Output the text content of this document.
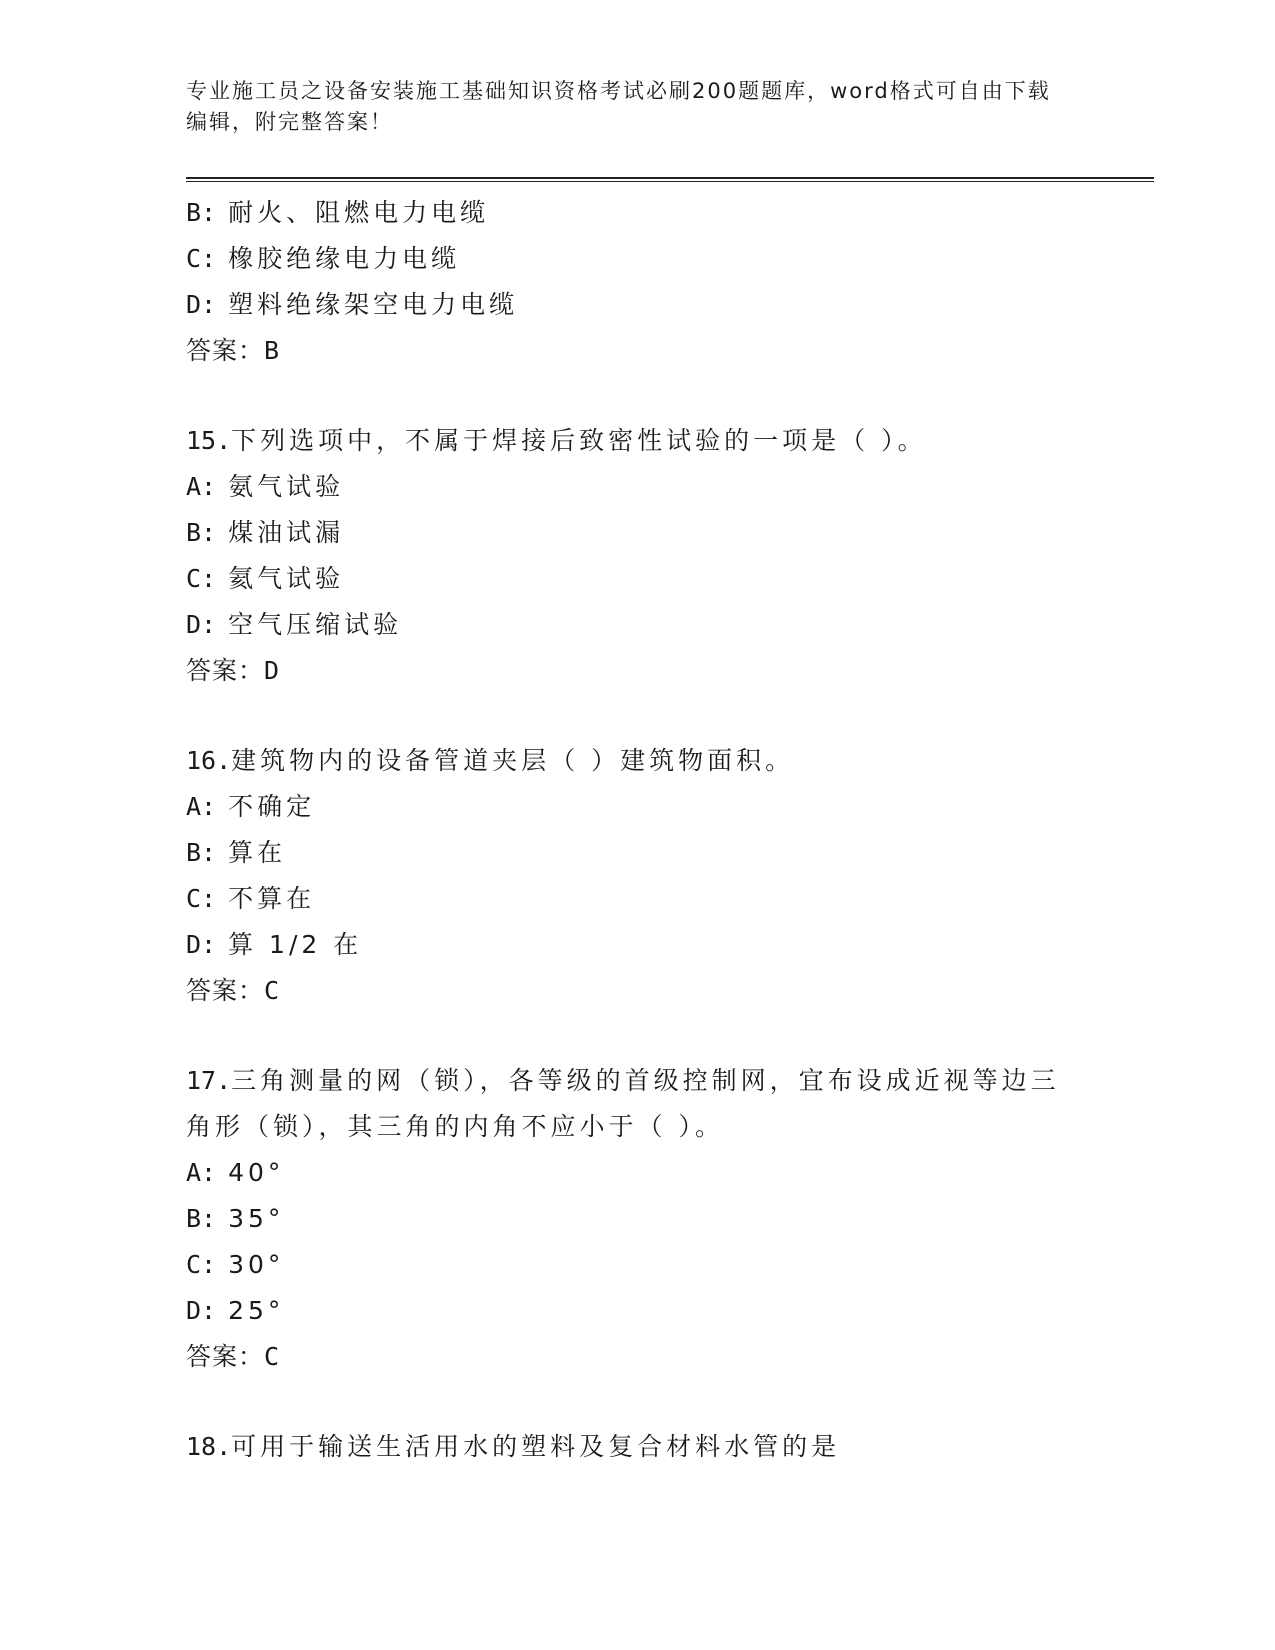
专业施工员之设备安装施工基础知识资格考试必刷200题题库，word格式可自由下载编辑，附完整答案！
B: 耐火、阻燃电力电缆
C: 橡胶绝缘电力电缆
D: 塑料绝缘架空电力电缆
答案：B
15.下列选项中，不属于焊接后致密性试验的一项是（ ）。
A: 氨气试验
B: 煤油试漏
C: 氦气试验
D: 空气压缩试验
答案：D
16.建筑物内的设备管道夹层（ ）建筑物面积。
A: 不确定
B: 算在
C: 不算在
D: 算 1/2 在
答案：C
17.三角测量的网（锁），各等级的首级控制网，宜布设成近视等边三角形（锁），其三角的内角不应小于（ ）。
A: 40°
B: 35°
C: 30°
D: 25°
答案：C
18.可用于输送生活用水的塑料及复合材料水管的是
